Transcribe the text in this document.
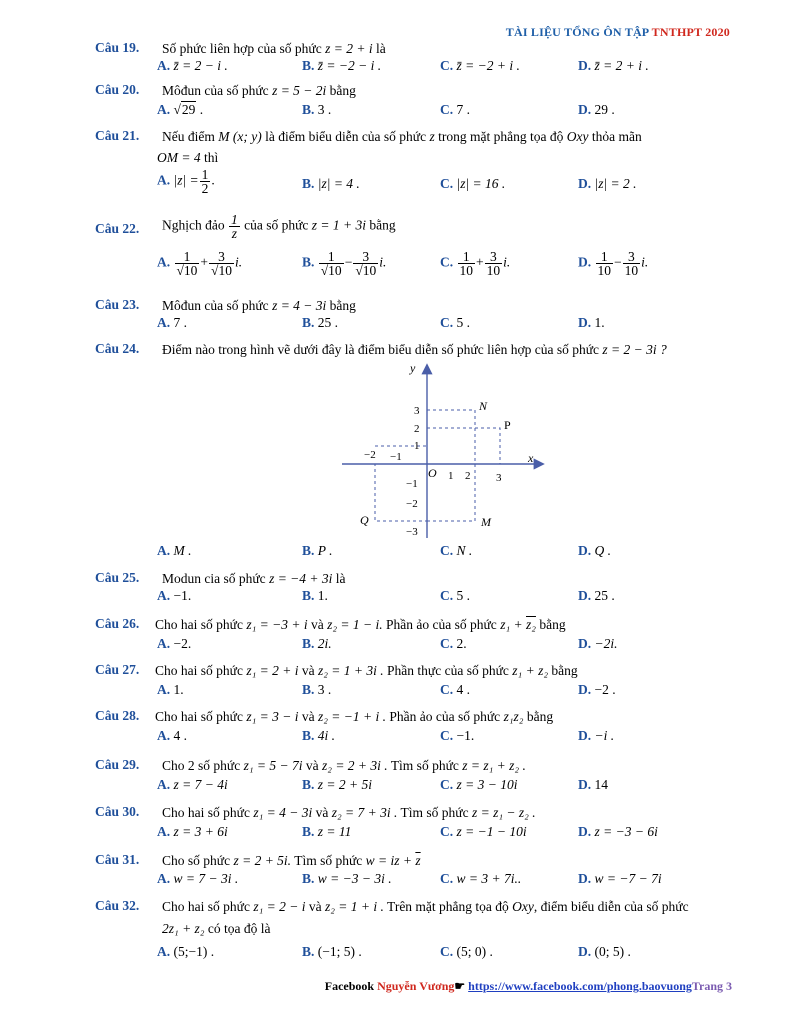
TÀI LIỆU TỔNG ÔN TẬP TNTHPT 2020
Câu 19. Số phức liên hợp của số phức z = 2 + i là
A. z̄ = 2 − i .	B. z̄ = −2 − i .	C. z̄ = −2 + i .	D. z̄ = 2 + i .
Câu 20. Môđun của số phức z = 5 − 2i bằng
A. √29 .	B. 3 .	C. 7 .	D. 29 .
Câu 21. Nếu điểm M (x; y) là điểm biểu diễn của số phức z trong mặt phẳng tọa độ Oxy thỏa mãn
OM = 4 thì
A. $|z| = \frac{1}{2}$ .	B. |z| = 4 .	C. |z| = 16 .	D. |z| = 2 .
Câu 22. Nghịch đảo $\frac{1}{z}$ của số phức z = 1 + 3i bằng
A. $\frac{1}{√10} + \frac{3}{√10} i$.	B. $\frac{1}{√10} - \frac{3}{√10} i$.	C. $\frac{1}{10} + \frac{3}{10} i$.	D. $\frac{1}{10} - \frac{3}{10} i$.
Câu 23. Môđun của số phức z = 4 − 3i bằng
A. 7 .	B. 25 .	C. 5 .	D. 1.
Câu 24. Điểm nào trong hình vẽ dưới đây là điểm biểu diễn số phức liên hợp của số phức z = 2 − 3i ?
y
x
O
3
2
1
−1
−2
−3
−2 −1
1 2 3
N
P
Q	M
A. M .	B. P .	C. N .	D. Q .
Câu 25. Modun cia số phức z = −4 + 3i là
A. −1.	B. 1.	C. 5 .	D. 25 .
Câu 26. Cho hai số phức z₁ = −3 + i và z₂ = 1 − i. Phần ảo của số phức z₁ + z₂ bằng
A. −2.	B. 2i.	C. 2.	D. −2i.
Câu 27. Cho hai số phức z₁ = 2 + i và z₂ = 1 + 3i . Phần thực của số phức z₁ + z₂ bằng
A. 1.	B. 3 .	C. 4 .	D. −2 .
Câu 28. Cho hai số phức z₁ = 3 − i và z₂ = −1 + i . Phần ảo của số phức z₁z₂ bằng
A. 4 .	B. 4i .	C. −1.	D. −i .
Câu 29. Cho 2 số phức z₁ = 5 − 7i và z₂ = 2 + 3i . Tìm số phức z = z₁ + z₂ .
A. z = 7 − 4i	B. z = 2 + 5i	C. z = 3 − 10i	D. 14
Câu 30. Cho hai số phức z₁ = 4 − 3i và z₂ = 7 + 3i . Tìm số phức z = z₁ − z₂ .
A. z = 3 + 6i	B. z = 11	C. z = −1 − 10i	D. z = −3 − 6i
Câu 31. Cho số phức z = 2 + 5i. Tìm số phức w = iz + $\overline{z}$
A. w = 7 − 3i .	B. w = −3 − 3i .	C. w = 3 + 7i..	D. w = −7 − 7i
Câu 32. Cho hai số phức z₁ = 2 − i và z₂ = 1 + i . Trên mặt phẳng tọa độ Oxy, điểm biểu diễn của số phức
2z₁ + z₂ có tọa độ là
A. (5;−1) .	B. (−1; 5) .	C. (5; 0) .	D. (0; 5) .
Facebook Nguyễn Vương☛ https://www.facebook.com/phong.baovuongTrang 3
